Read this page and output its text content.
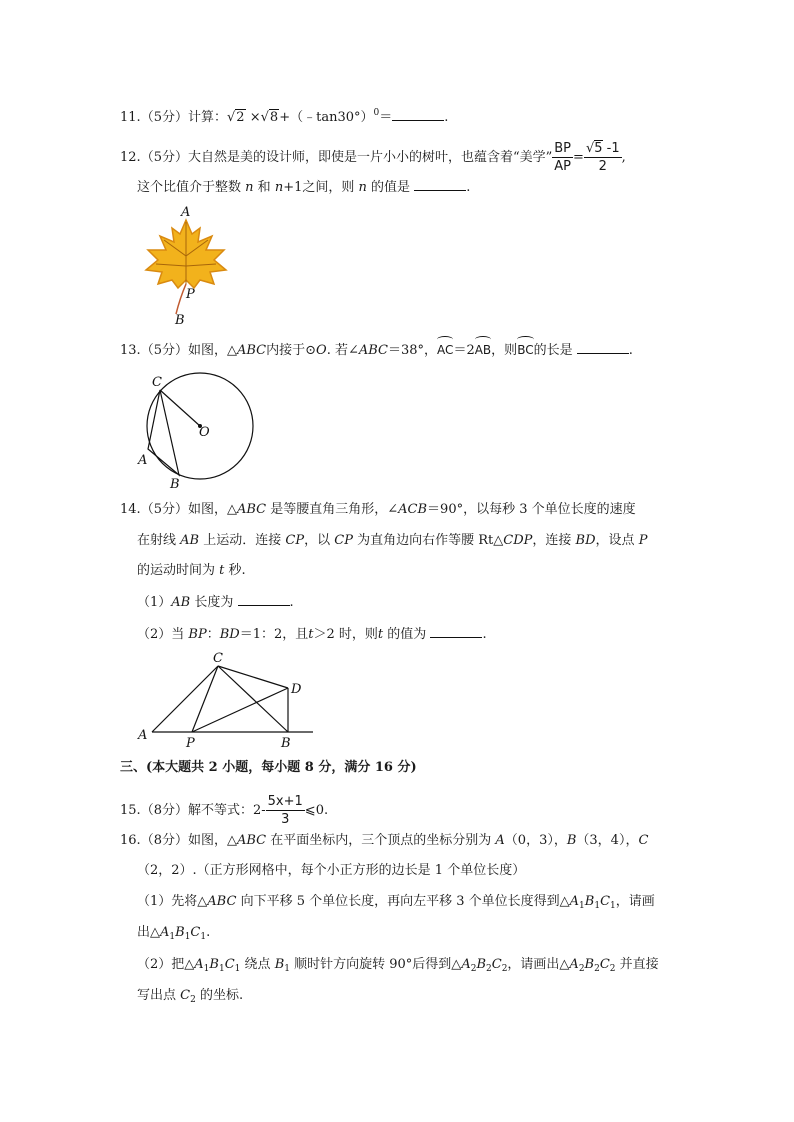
11.（5分）计算：√2 ×√8+（﹣tan30°）$^0$＝	.
12.（5分）大自然是美的设计师，即使是一片小小的树叶，也蕴含着“美学” $\frac{BP}{AP} = \frac{√5 -1}{2}$ ,
这个比值介于整数 n 和 n+1之间，则 n 的值是	.
A
P
B
13.（5分）如图，△ABC内接于⊙O. 若∠ABC＝38°，AC＝2AB，则BC的长是	.
C
O
A
B
14.（5分）如图，△ABC 是等腰直角三角形，∠ACB＝90°，以每秒 3 个单位长度的速度
在射线 AB 上运动．连接 CP，以 CP 为直角边向右作等腰 Rt△CDP，连接 BD，设点 P
的运动时间为 t 秒.
（1）AB 长度为	.
（2）当 BP：BD＝1：2，且t＞2 时，则t 的值为	.
C
D
A
P	B
三、(本大题共 2 小题，每小题 8 分，满分 16 分)
15.（8分）解不等式：$2- \frac{5x+1}{3}$ ⩽0.
16.（8分）如图，△ABC 在平面坐标内，三个顶点的坐标分别为 A（0，3），B（3，4），C
（2，2）.（正方形网格中，每个小正方形的边长是 1 个单位长度）
（1）先将△ABC 向下平移 5 个单位长度，再向左平移 3 个单位长度得到$\triangle A_1B_1C_1$，请画
出$\triangle A_1B_1C_1$.
（2）把$\triangle A_1B_1C_1$ 绕点 $B_1$ 顺时针方向旋转 90°后得到$\triangle A_2B_2C_2$，请画出$\triangle A_2B_2C_2$ 并直接
写出点 $C_2$ 的坐标.
